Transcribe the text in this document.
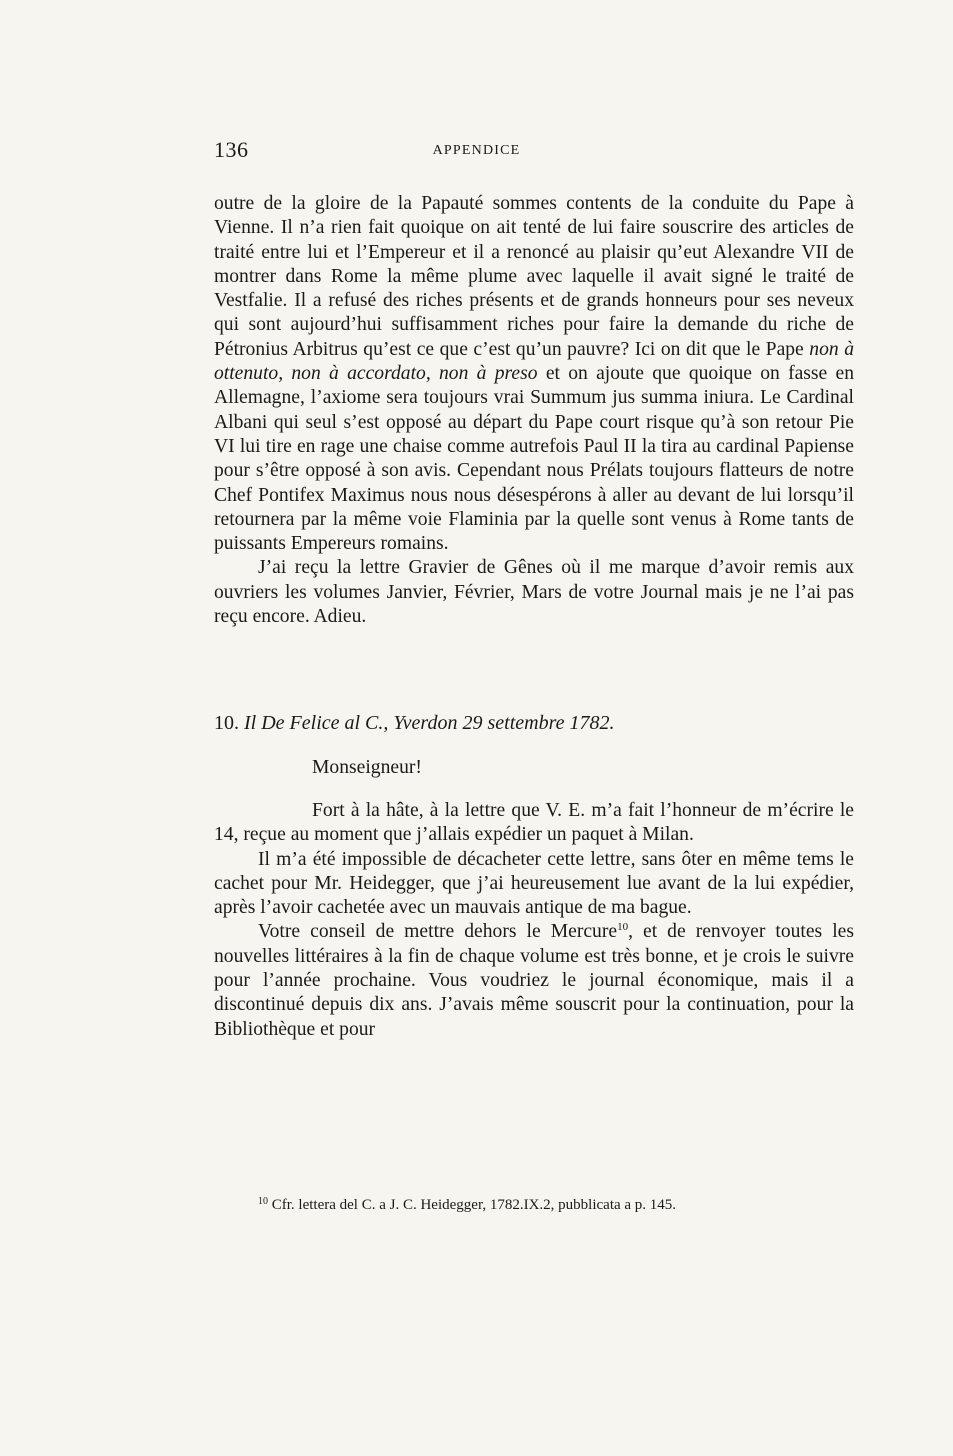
136	APPENDICE

outre de la gloire de la Papauté sommes contents de la conduite du Pape à Vienne. Il n’a rien fait quoique on ait tenté de lui faire souscrire des articles de traité entre lui et l’Empereur et il a renoncé au plaisir qu’eut Alexandre VII de montrer dans Rome la même plume avec laquelle il avait signé le traité de Vestfalie. Il a refusé des riches présents et de grands honneurs pour ses neveux qui sont aujourd’hui suffisamment riches pour faire la demande du riche de Pétronius Arbitrus qu’est ce que c’est qu’un pauvre? Ici on dit que le Pape non à ottenuto, non à accordato, non à preso et on ajoute que quoique on fasse en Allemagne, l’axiome sera toujours vrai Summum jus summa iniura. Le Cardinal Albani qui seul s’est opposé au départ du Pape court risque qu’à son retour Pie VI lui tire en rage une chaise comme autrefois Paul II la tira au cardinal Papiense pour s’être opposé à son avis. Cependant nous Prélats toujours flatteurs de notre Chef Pontifex Maximus nous nous désespérons à aller au devant de lui lorsqu’il retournera par la même voie Flaminia par la quelle sont venus à Rome tants de puissants Empereurs romains.

J’ai reçu la lettre Gravier de Gênes où il me marque d’avoir remis aux ouvriers les volumes Janvier, Février, Mars de votre Journal mais je ne l’ai pas reçu encore. Adieu.

10. Il De Felice al C., Yverdon 29 settembre 1782.

Monseigneur!

Fort à la hâte, à la lettre que V. E. m’a fait l’honneur de m’écrire le 14, reçue au moment que j’allais expédier un paquet à Milan.

Il m’a été impossible de décacheter cette lettre, sans ôter en même tems le cachet pour Mr. Heidegger, que j’ai heureusement lue avant de la lui expédier, après l’avoir cachetée avec un mauvais antique de ma bague.

Votre conseil de mettre dehors le Mercure$^{10}$, et de renvoyer toutes les nouvelles littéraires à la fin de chaque volume est très bonne, et je crois le suivre pour l’année prochaine. Vous voudriez le journal économique, mais il a discontinué depuis dix ans. J’avais même souscrit pour la continuation, pour la Bibliothèque et pour

$^{10}$ Cfr. lettera del C. a J. C. Heidegger, 1782.IX.2, pubblicata a p. 145.
